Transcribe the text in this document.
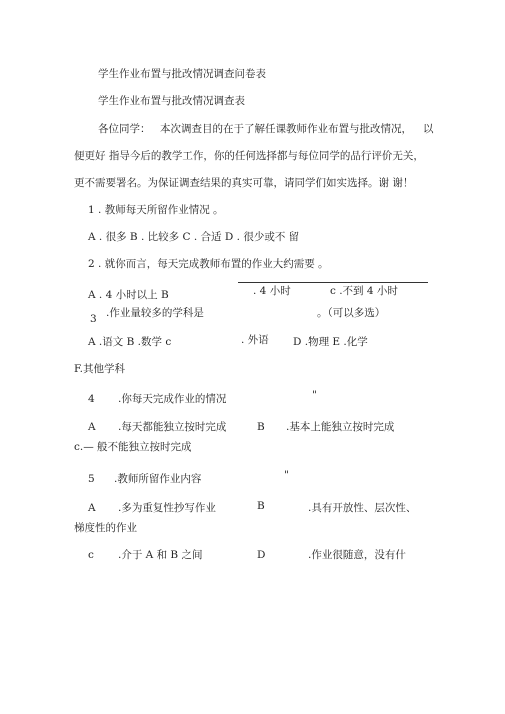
学生作业布置与批改情况调查问卷表
学生作业布置与批改情况调查表
各位同学： 本次调查目的在于了解任课教师作业布置与批改情况， 以
便更好 指导今后的教学工作，你的任何选择都与每位同学的品行评价无关，
更不需要署名。为保证调查结果的真实可靠，请同学们如实选择。谢 谢！
1 . 教师每天所留作业情况 。
A . 很多 B . 比较多 C . 合适 D . 很少或不 留
2 . 就你而言，每天完成教师布置的作业大约需要 。
A . 4 小时以上 B	. 4 小时	c .不到 4 小时
3 .作业量较多的学科是	。（可以多选）
A .语文 B .数学 c	. 外语 D .物理 E .化学
F.其他学科
4 .你每天完成作业的情况	"
A .每天都能独立按时完成	B .基本上能独立按时完成
c.— 般不能独立按时完成
5 .教师所留作业内容	"
A .多为重复性抄写作业	B	.具有开放性、层次性、
梯度性的作业
c .介于 A 和 B 之间	D	.作业很随意，没有什
